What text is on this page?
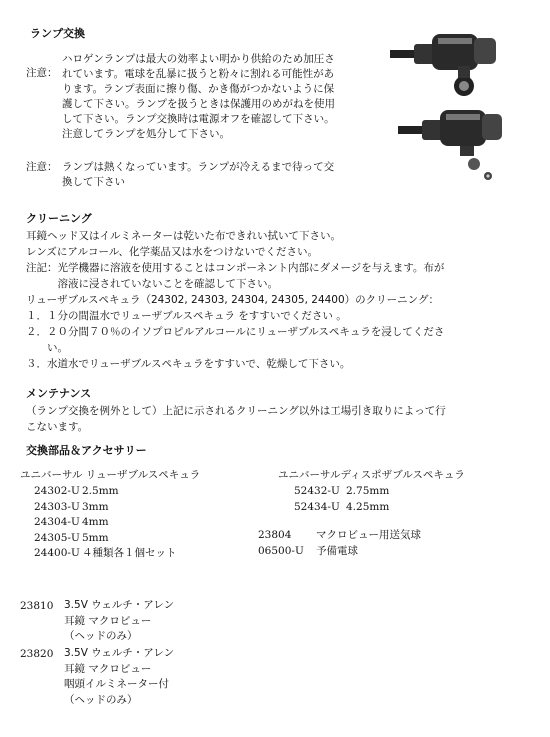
ランプ交換
注意：
ハロゲンランプは最大の効率よい明かり供給のため加圧さ
れています。電球を乱暴に扱うと粉々に割れる可能性があ
ります。ランプ表面に擦り傷、かき傷がつかないように保
護して下さい。ランプを扱うときは保護用のめがねを使用
して下さい。ランプ交換時は電源オフを確認して下さい。
注意してランプを処分して下さい。
注意： ランプは熱くなっています。ランプが冷えるまで待って交
換して下さい
クリーニング
耳鏡ヘッド又はイルミネーターは乾いた布できれい拭いて下さい。
レンズにアルコール、化学薬品又は水をつけないでください。
注記：光学機器に溶液を使用することはコンポーネント内部にダメージを与えます。布が
　　　溶液に浸されていないことを確認して下さい。
リューザブルスペキュラ（24302, 24303, 24304, 24305, 24400）のクリーニング：
１．１分の間温水でリューザブルスペキュラ をすすいでください 。
２．２０分間７０％のイソプロピルアルコールにリューザブルスペキュラを浸してくださ
　　い。
３．水道水でリューザブルスペキュラをすすいで、乾燥して下さい。
メンテナンス
（ランプ交換を例外として）上記に示されるクリーニング以外は工場引き取りによって行
こないます。
交換部品＆アクセサリー
ユニバーサル リューザブルスペキュラ
24302-U 2.5mm
24303-U 3mm
24304-U 4mm
24305-U 5mm
24400-U ４種類各１個セット
ユニバーサルディスポザブルスペキュラ
52432-U 2.75mm
52434-U 4.25mm
23804 マクロビュー用送気球
06500-U 予備電球
23810 3.5V ウェルチ・アレン
耳鏡 マクロビュー
（ヘッドのみ）
23820 3.5V ウェルチ・アレン
耳鏡 マクロビュー
咽頭イルミネーター付
（ヘッドのみ）
